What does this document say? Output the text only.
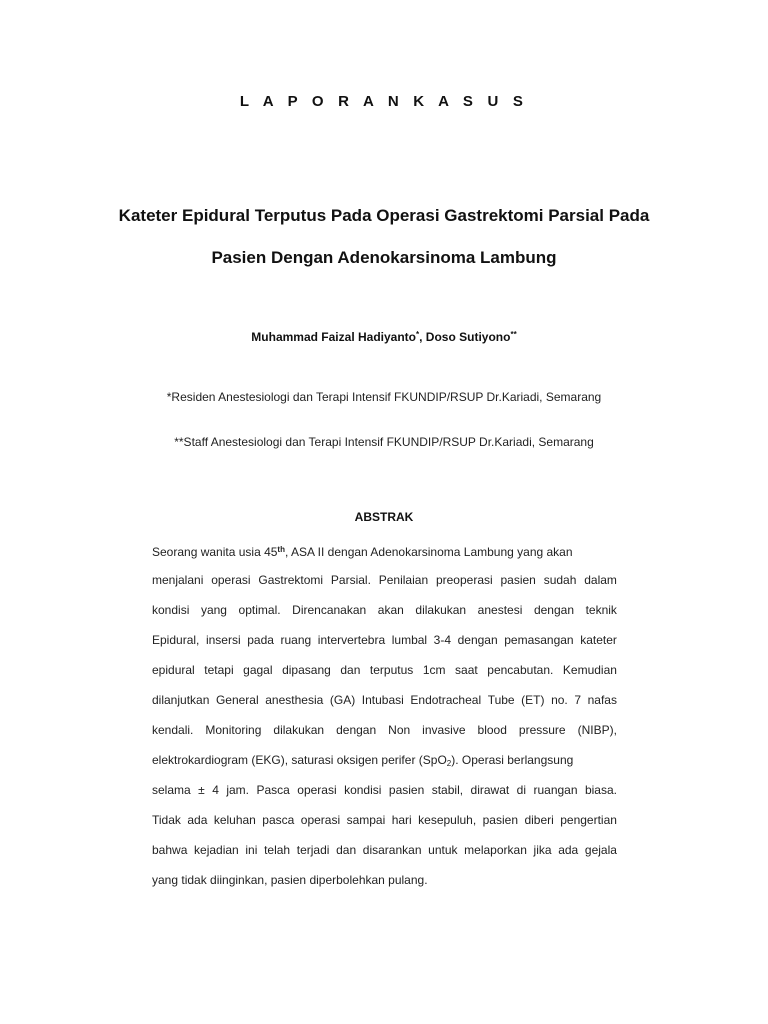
L A P O R A N K A S U S
Kateter Epidural Terputus Pada Operasi Gastrektomi Parsial Pada
Pasien Dengan Adenokarsinoma Lambung
Muhammad Faizal Hadiyanto*, Doso Sutiyono**
*Residen Anestesiologi dan Terapi Intensif FKUNDIP/RSUP Dr.Kariadi, Semarang
**Staff Anestesiologi dan Terapi Intensif FKUNDIP/RSUP Dr.Kariadi, Semarang
ABSTRAK
Seorang wanita usia 45th, ASA II dengan Adenokarsinoma Lambung yang akan
menjalani operasi Gastrektomi Parsial. Penilaian preoperasi pasien sudah dalam
kondisi yang optimal. Direncanakan akan dilakukan anestesi dengan teknik
Epidural, insersi pada ruang intervertebra lumbal 3-4 dengan pemasangan kateter
epidural tetapi gagal dipasang dan terputus 1cm saat pencabutan. Kemudian
dilanjutkan General anesthesia (GA) Intubasi Endotracheal Tube (ET) no. 7 nafas
kendali. Monitoring dilakukan dengan Non invasive blood pressure (NIBP),
elektrokardiogram (EKG), saturasi oksigen perifer (SpO2). Operasi berlangsung
selama ± 4 jam. Pasca operasi kondisi pasien stabil, dirawat di ruangan biasa.
Tidak ada keluhan pasca operasi sampai hari kesepuluh, pasien diberi pengertian
bahwa kejadian ini telah terjadi dan disarankan untuk melaporkan jika ada gejala
yang tidak diinginkan, pasien diperbolehkan pulang.
